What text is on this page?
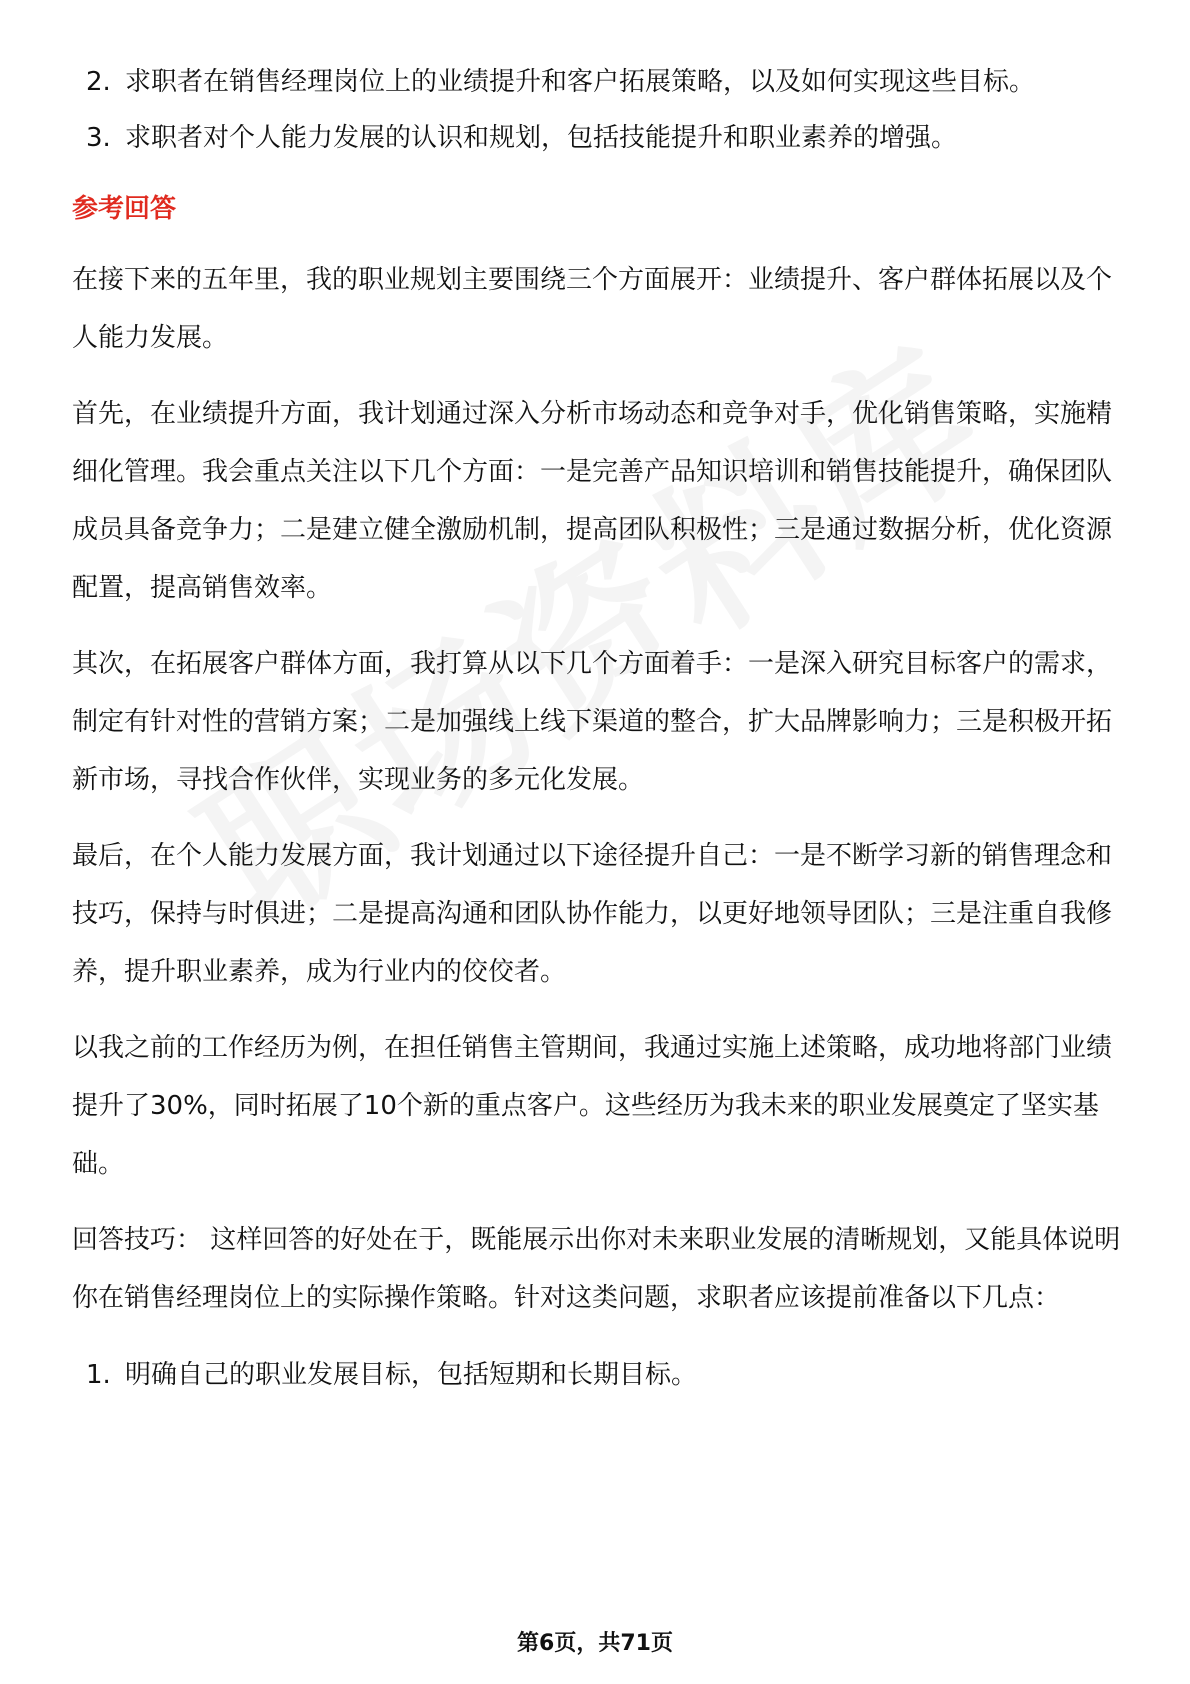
2. 求职者在销售经理岗位上的业绩提升和客户拓展策略，以及如何实现这些目标。
3. 求职者对个人能力发展的认识和规划，包括技能提升和职业素养的增强。
参考回答
在接下来的五年里，我的职业规划主要围绕三个方面展开：业绩提升、客户群体拓展以及个人能力发展。
首先，在业绩提升方面，我计划通过深入分析市场动态和竞争对手，优化销售策略，实施精细化管理。我会重点关注以下几个方面：一是完善产品知识培训和销售技能提升，确保团队成员具备竞争力；二是建立健全激励机制，提高团队积极性；三是通过数据分析，优化资源配置，提高销售效率。
其次，在拓展客户群体方面，我打算从以下几个方面着手：一是深入研究目标客户的需求，制定有针对性的营销方案；二是加强线上线下渠道的整合，扩大品牌影响力；三是积极开拓新市场，寻找合作伙伴，实现业务的多元化发展。
最后，在个人能力发展方面，我计划通过以下途径提升自己：一是不断学习新的销售理念和技巧，保持与时俱进；二是提高沟通和团队协作能力，以更好地领导团队；三是注重自我修养，提升职业素养，成为行业内的佼佼者。
以我之前的工作经历为例，在担任销售主管期间，我通过实施上述策略，成功地将部门业绩提升了30%，同时拓展了10个新的重点客户。这些经历为我未来的职业发展奠定了坚实基础。
回答技巧： 这样回答的好处在于，既能展示出你对未来职业发展的清晰规划，又能具体说明你在销售经理岗位上的实际操作策略。针对这类问题，求职者应该提前准备以下几点：
1. 明确自己的职业发展目标，包括短期和长期目标。
第6页，共71页
